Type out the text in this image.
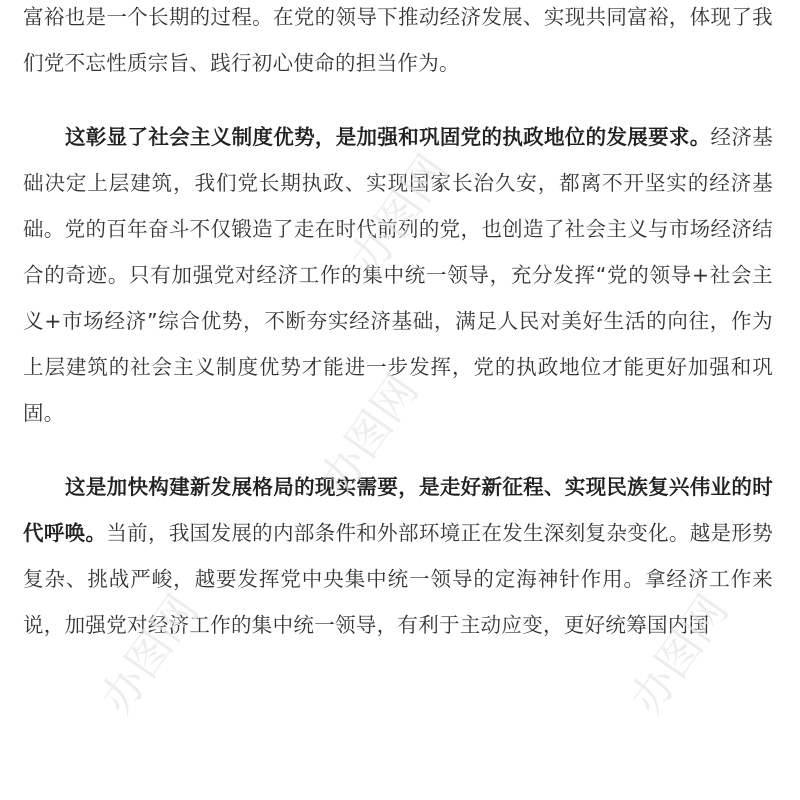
富裕也是一个长期的过程。在党的领导下推动经济发展、实现共同富裕，体现了我们党不忘性质宗旨、践行初心使命的担当作为。

这彰显了社会主义制度优势，是加强和巩固党的执政地位的发展要求。经济基础决定上层建筑，我们党长期执政、实现国家长治久安，都离不开坚实的经济基础。党的百年奋斗不仅锻造了走在时代前列的党，也创造了社会主义与市场经济结合的奇迹。只有加强党对经济工作的集中统一领导，充分发挥“党的领导+社会主义+市场经济”综合优势，不断夯实经济基础，满足人民对美好生活的向往，作为上层建筑的社会主义制度优势才能进一步发挥，党的执政地位才能更好加强和巩固。

这是加快构建新发展格局的现实需要，是走好新征程、实现民族复兴伟业的时代呼唤。当前，我国发展的内部条件和外部环境正在发生深刻复杂变化。越是形势复杂、挑战严峻，越要发挥党中央集中统一领导的定海神针作用。拿经济工作来说，加强党对经济工作的集中统一领导，有利于主动应变，更好统筹国内国

办图网
办图网
办图网
办图网
